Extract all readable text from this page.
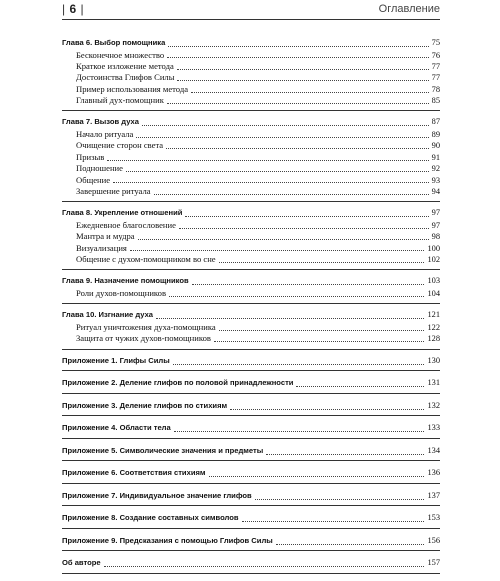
| 6 |	Оглавление
Глава 6. Выбор помощника	75
Бесконечное множество	76
Краткое изложение метода	77
Достоинства Глифов Силы	77
Пример использования метода	78
Главный дух-помощник	85
Глава 7. Вызов духа	87
Начало ритуала	89
Очищение сторон света	90
Призыв	91
Подношение	92
Общение	93
Завершение ритуала	94
Глава 8. Укрепление отношений	97
Ежедневное благословение	97
Мантра и мудра	98
Визуализация	100
Общение с духом-помощником во сне	102
Глава 9. Назначение помощников	103
Роли духов-помощников	104
Глава 10. Изгнание духа	121
Ритуал уничтожения духа-помощника	122
Защита от чужих духов-помощников	128
Приложение 1. Глифы Силы	130
Приложение 2. Деление глифов по половой принадлежности	131
Приложение 3. Деление глифов по стихиям	132
Приложение 4. Области тела	133
Приложение 5. Символические значения и предметы	134
Приложение 6. Соответствия стихиям	136
Приложение 7. Индивидуальное значение глифов	137
Приложение 8. Создание составных символов	153
Приложение 9. Предсказания с помощью Глифов Силы	156
Об авторе	157
